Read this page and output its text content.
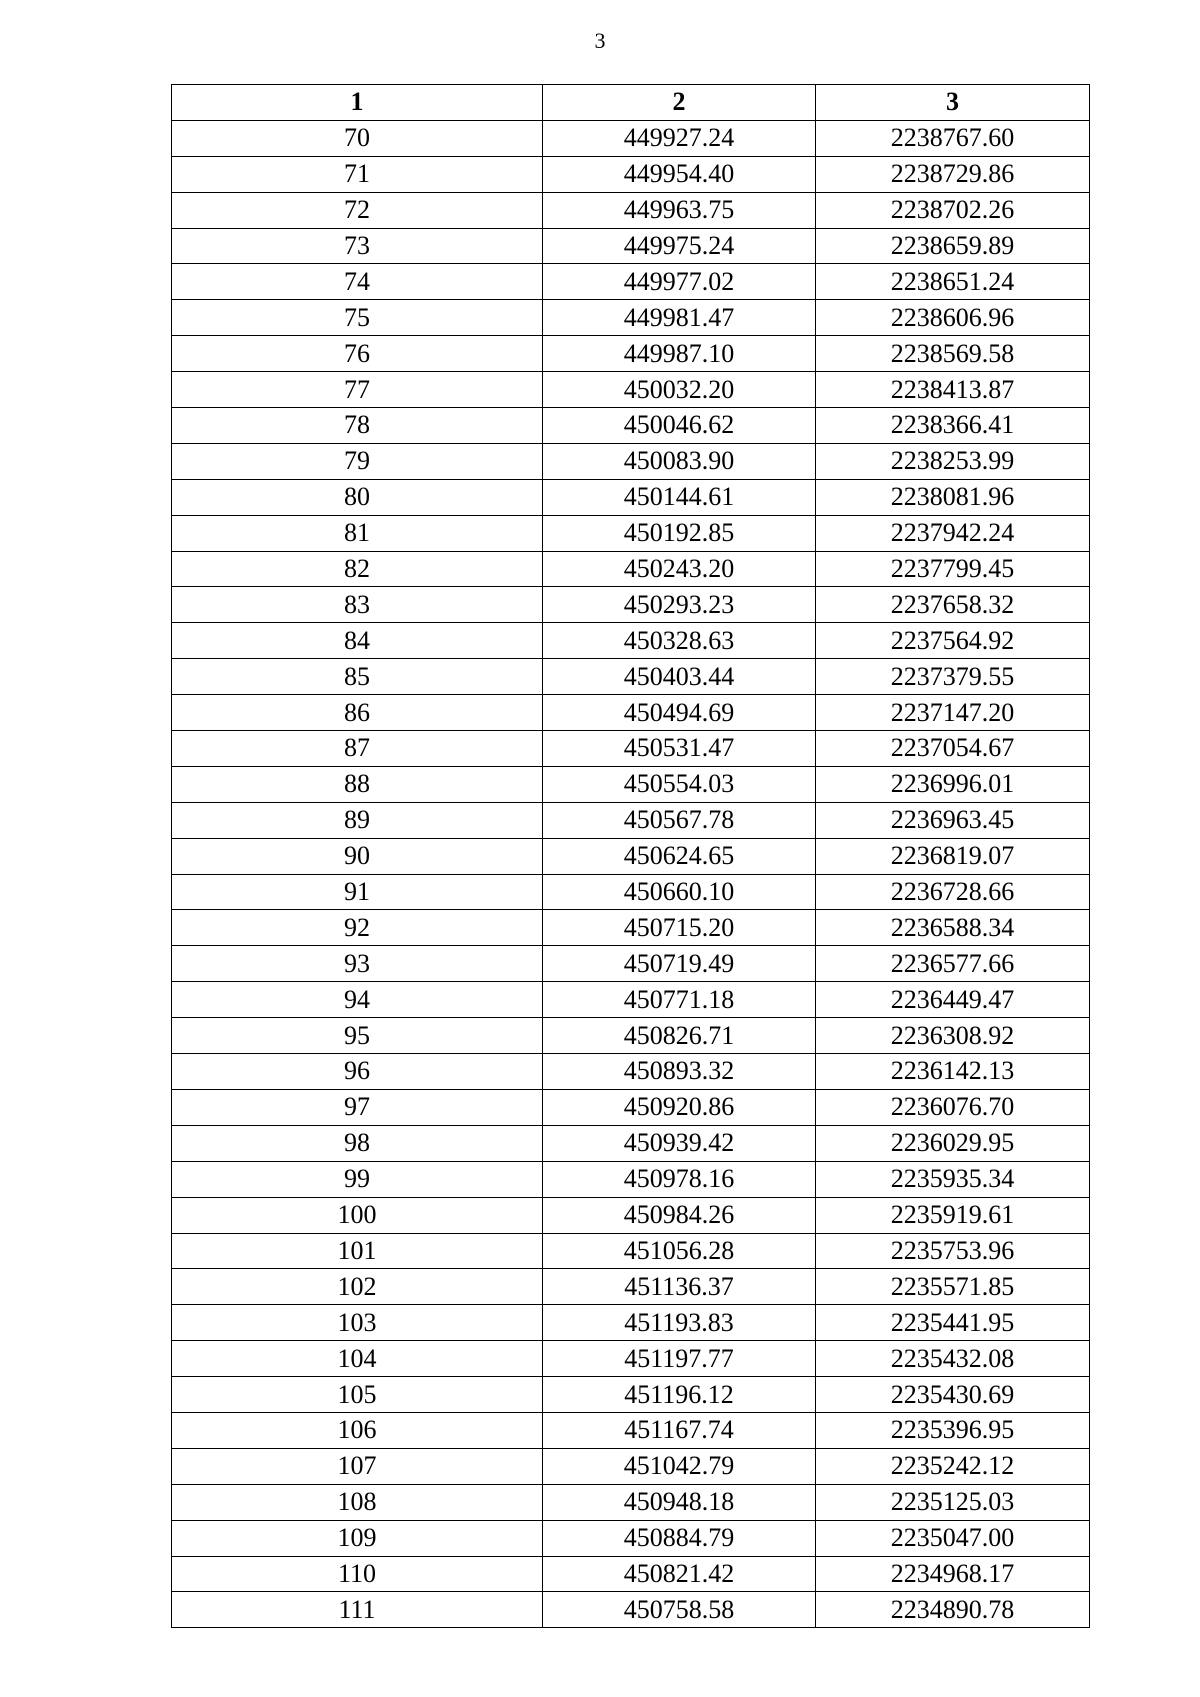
3
1	2	3
70	449927.24	2238767.60
71	449954.40	2238729.86
72	449963.75	2238702.26
73	449975.24	2238659.89
74	449977.02	2238651.24
75	449981.47	2238606.96
76	449987.10	2238569.58
77	450032.20	2238413.87
78	450046.62	2238366.41
79	450083.90	2238253.99
80	450144.61	2238081.96
81	450192.85	2237942.24
82	450243.20	2237799.45
83	450293.23	2237658.32
84	450328.63	2237564.92
85	450403.44	2237379.55
86	450494.69	2237147.20
87	450531.47	2237054.67
88	450554.03	2236996.01
89	450567.78	2236963.45
90	450624.65	2236819.07
91	450660.10	2236728.66
92	450715.20	2236588.34
93	450719.49	2236577.66
94	450771.18	2236449.47
95	450826.71	2236308.92
96	450893.32	2236142.13
97	450920.86	2236076.70
98	450939.42	2236029.95
99	450978.16	2235935.34
100	450984.26	2235919.61
101	451056.28	2235753.96
102	451136.37	2235571.85
103	451193.83	2235441.95
104	451197.77	2235432.08
105	451196.12	2235430.69
106	451167.74	2235396.95
107	451042.79	2235242.12
108	450948.18	2235125.03
109	450884.79	2235047.00
110	450821.42	2234968.17
111	450758.58	2234890.78
